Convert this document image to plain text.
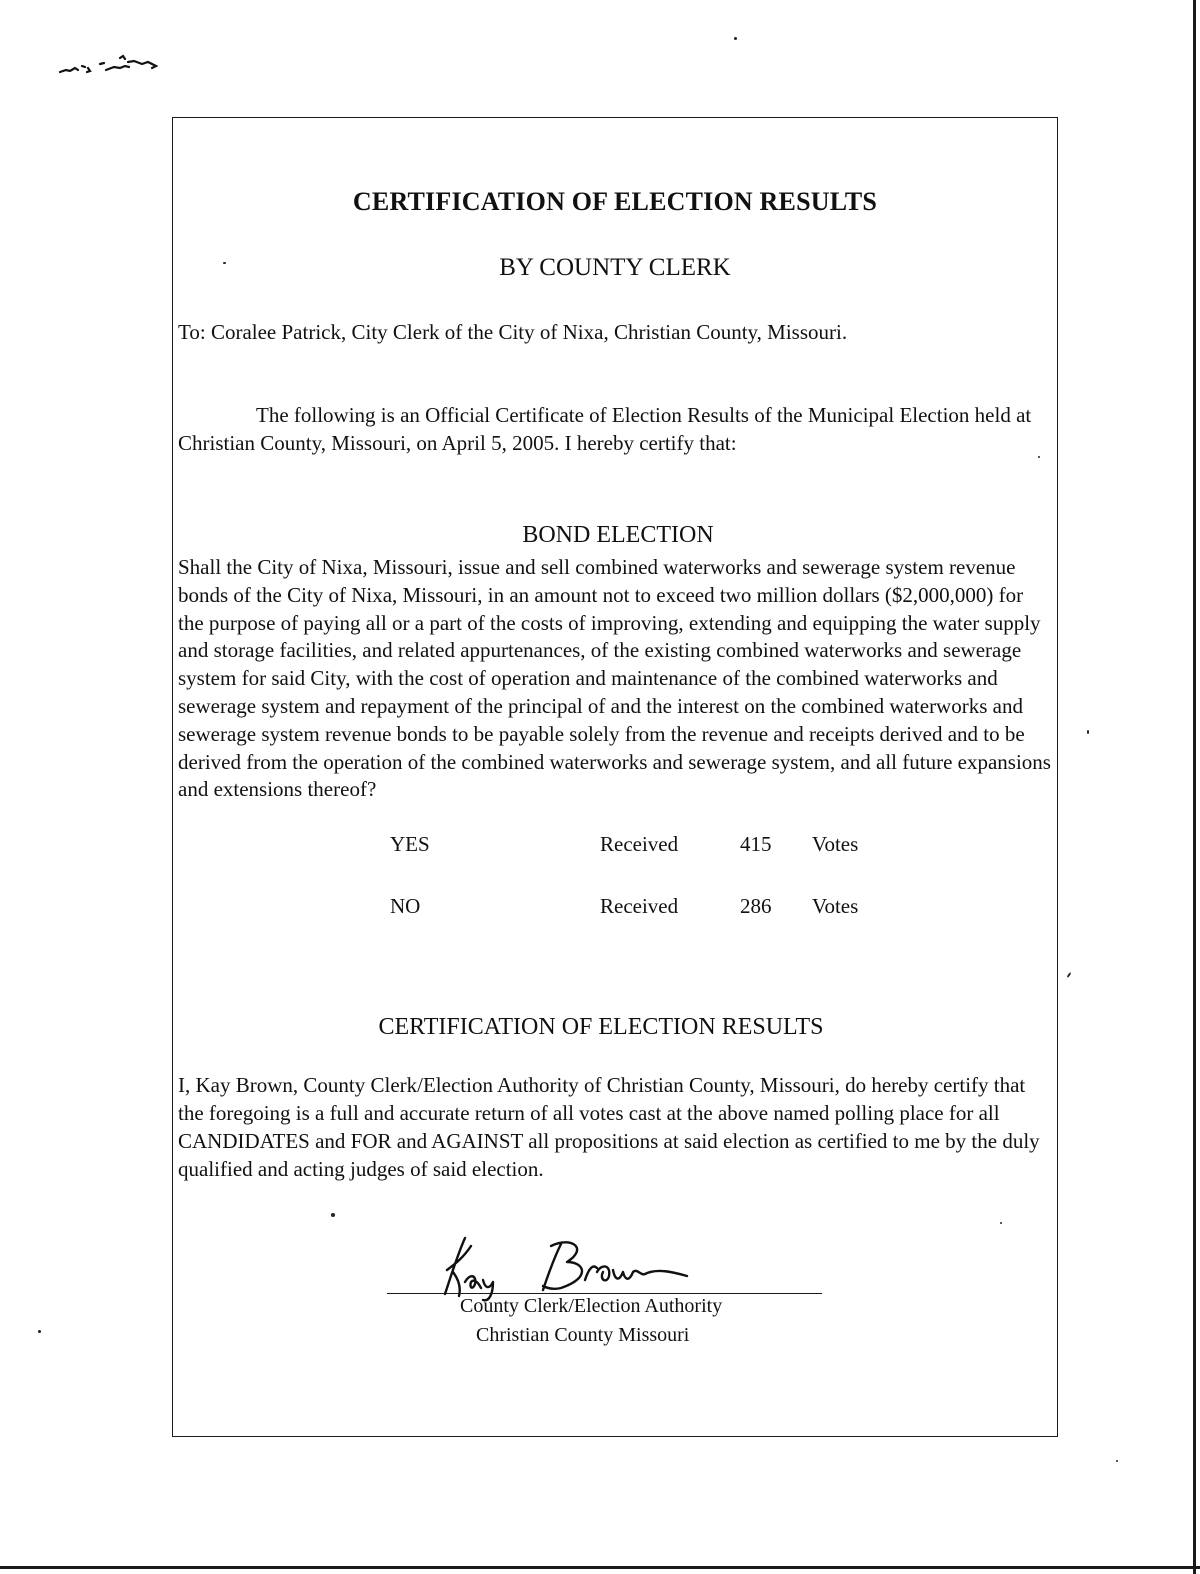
CERTIFICATION OF ELECTION RESULTS
BY COUNTY CLERK
To: Coralee Patrick, City Clerk of the City of Nixa, Christian County, Missouri.
The following is an Official Certificate of Election Results of the Municipal Election held at Christian County, Missouri, on April 5, 2005. I hereby certify that:
BOND ELECTION
Shall the City of Nixa, Missouri, issue and sell combined waterworks and sewerage system revenue bonds of the City of Nixa, Missouri, in an amount not to exceed two million dollars ($2,000,000) for the purpose of paying all or a part of the costs of improving, extending and equipping the water supply and storage facilities, and related appurtenances, of the existing combined waterworks and sewerage system for said City, with the cost of operation and maintenance of the combined waterworks and sewerage system and repayment of the principal of and the interest on the combined waterworks and sewerage system revenue bonds to be payable solely from the revenue and receipts derived and to be derived from the operation of the combined waterworks and sewerage system, and all future expansions and extensions thereof?
YES	Received	415 Votes
NO	Received	286 Votes
CERTIFICATION OF ELECTION RESULTS
I, Kay Brown, County Clerk/Election Authority of Christian County, Missouri, do hereby certify that the foregoing is a full and accurate return of all votes cast at the above named polling place for all CANDIDATES and FOR and AGAINST all propositions at said election as certified to me by the duly qualified and acting judges of said election.
County Clerk/Election Authority
Christian County Missouri
